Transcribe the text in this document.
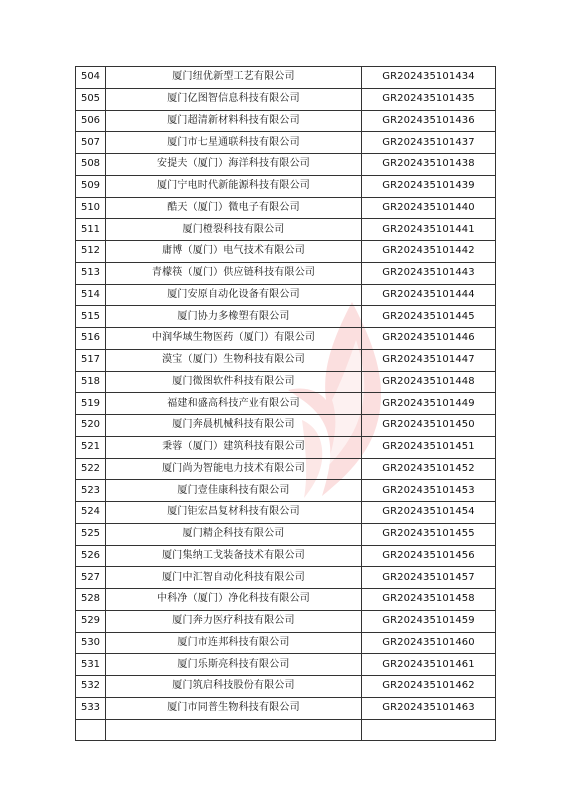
504	厦门纽优新型工艺有限公司	GR202435101434
505	厦门亿图智信息科技有限公司	GR202435101435
506	厦门超清新材料科技有限公司	GR202435101436
507	厦门市七星通联科技有限公司	GR202435101437
508	安提夫（厦门）海洋科技有限公司	GR202435101438
509	厦门宁电时代新能源科技有限公司	GR202435101439
510	酷天（厦门）微电子有限公司	GR202435101440
511	厦门橙裂科技有限公司	GR202435101441
512	庸博（厦门）电气技术有限公司	GR202435101442
513	青檬筷（厦门）供应链科技有限公司	GR202435101443
514	厦门安原自动化设备有限公司	GR202435101444
515	厦门协力多橡塑有限公司	GR202435101445
516	中润华域生物医药（厦门）有限公司	GR202435101446
517	漠宝（厦门）生物科技有限公司	GR202435101447
518	厦门微图软件科技有限公司	GR202435101448
519	福建和盛高科技产业有限公司	GR202435101449
520	厦门奔晨机械科技有限公司	GR202435101450
521	秉蓉（厦门）建筑科技有限公司	GR202435101451
522	厦门尚为智能电力技术有限公司	GR202435101452
523	厦门壹佳康科技有限公司	GR202435101453
524	厦门钜宏昌复材科技有限公司	GR202435101454
525	厦门精企科技有限公司	GR202435101455
526	厦门集纳工戈装备技术有限公司	GR202435101456
527	厦门中汇智自动化科技有限公司	GR202435101457
528	中科净（厦门）净化科技有限公司	GR202435101458
529	厦门奔力医疗科技有限公司	GR202435101459
530	厦门市连邦科技有限公司	GR202435101460
531	厦门乐斯亮科技有限公司	GR202435101461
532	厦门筑启科技股份有限公司	GR202435101462
533	厦门市同普生物科技有限公司	GR202435101463
